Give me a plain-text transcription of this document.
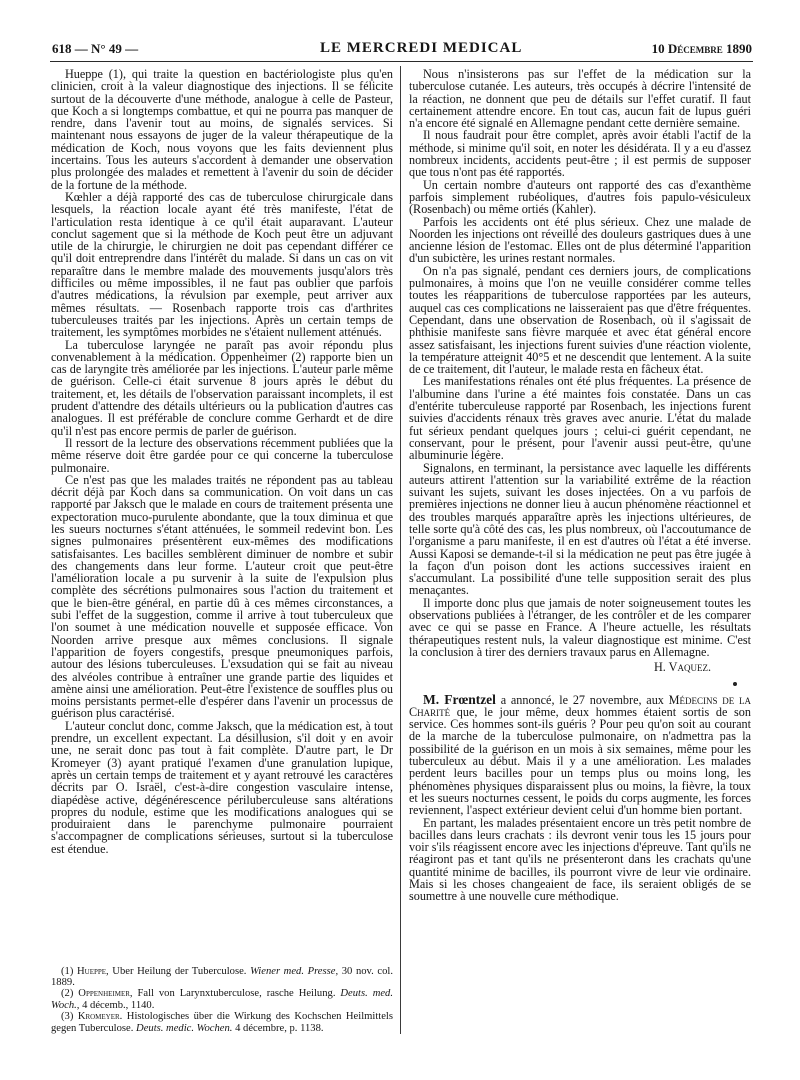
618 — N° 49 —	LE MERCREDI MEDICAL	10 Décembre 1890

Hueppe (1), qui traite la question en bactériologiste plus qu'en clinicien, croit à la valeur diagnostique des injections. Il se félicite surtout de la découverte d'une méthode, analogue à celle de Pasteur, que Koch a si longtemps combattue, et qui ne pourra pas manquer de rendre, dans l'avenir tout au moins, de signalés services. Si maintenant nous essayons de juger de la valeur thérapeutique de la médication de Koch, nous voyons que les faits deviennent plus incertains. Tous les auteurs s'accordent à demander une observation plus prolongée des malades et remettent à l'avenir du soin de décider de la fortune de la méthode.

Kœhler a déjà rapporté des cas de tuberculose chirurgicale dans lesquels, la réaction locale ayant été très manifeste, l'état de l'articulation resta identique à ce qu'il était auparavant. L'auteur conclut sagement que si la méthode de Koch peut être un adjuvant utile de la chirurgie, le chirurgien ne doit pas cependant différer ce qu'il doit entreprendre dans l'intérêt du malade. Si dans un cas on vit reparaître dans le membre malade des mouvements jusqu'alors très difficiles ou même impossibles, il ne faut pas oublier que parfois d'autres médications, la révulsion par exemple, peut arriver aux mêmes résultats. — Rosenbach rapporte trois cas d'arthrites tuberculeuses traités par les injections. Après un certain temps de traitement, les symptômes morbides ne s'étaient nullement atténués.

La tuberculose laryngée ne paraît pas avoir répondu plus convenablement à la médication. Oppenheimer (2) rapporte bien un cas de laryngite très améliorée par les injections. L'auteur parle même de guérison. Celle-ci était survenue 8 jours après le début du traitement, et, les détails de l'observation paraissant incomplets, il est prudent d'attendre des détails ultérieurs ou la publication d'autres cas analogues. Il est préférable de conclure comme Gerhardt et de dire qu'il n'est pas encore permis de parler de guérison.

Il ressort de la lecture des observations récemment publiées que la même réserve doit être gardée pour ce qui concerne la tuberculose pulmonaire.

Ce n'est pas que les malades traités ne répondent pas au tableau décrit déjà par Koch dans sa communication. On voit dans un cas rapporté par Jaksch que le malade en cours de traitement présenta une expectoration muco-purulente abondante, que la toux diminua et que les sueurs nocturnes s'étant atténuées, le sommeil redevint bon. Les signes pulmonaires présentèrent eux-mêmes des modifications satisfaisantes. Les bacilles semblèrent diminuer de nombre et subir des changements dans leur forme. L'auteur croit que peut-être l'amélioration locale a pu survenir à la suite de l'expulsion plus complète des sécrétions pulmonaires sous l'action du traitement et que le bien-être général, en partie dû à ces mêmes circonstances, a subi l'effet de la suggestion, comme il arrive à tout tuberculeux que l'on soumet à une médication nouvelle et supposée efficace. Von Noorden arrive presque aux mêmes conclusions. Il signale l'apparition de foyers congestifs, presque pneumoniques parfois, autour des lésions tuberculeuses. L'exsudation qui se fait au niveau des alvéoles contribue à entraîner une grande partie des liquides et amène ainsi une amélioration. Peut-être l'existence de souffles plus ou moins persistants permet-elle d'espérer dans l'avenir un processus de guérison plus caractérisé.

L'auteur conclut donc, comme Jaksch, que la médication est, à tout prendre, un excellent expectant. La désillusion, s'il doit y en avoir une, ne serait donc pas tout à fait complète. D'autre part, le Dr Kromeyer (3) ayant pratiqué l'examen d'une granulation lupique, après un certain temps de traitement et y ayant retrouvé les caractères décrits par O. Israël, c'est-à-dire congestion vasculaire intense, diapédèse active, dégénérescence périluberculeuse sans altérations propres du nodule, estime que les modifications analogues qui se produiraient dans le parenchyme pulmonaire pourraient s'accompagner de complications sérieuses, surtout si la tuberculose est étendue.

(1) Hueppe, Uber Heilung der Tuberculose. Wiener med. Presse, 30 nov. col. 1889.

(2) Oppenheimer, Fall von Larynxtuberculose, rasche Heilung. Deuts. med. Woch., 4 décemb., 1140.

(3) Kromeyer. Histologisches über die Wirkung des Kochschen Heilmittels gegen Tuberculose. Deuts. medic. Wochen. 4 décembre, p. 1138.

Nous n'insisterons pas sur l'effet de la médication sur la tuberculose cutanée. Les auteurs, très occupés à décrire l'intensité de la réaction, ne donnent que peu de détails sur l'effet curatif. Il faut certainement attendre encore. En tout cas, aucun fait de lupus guéri n'a encore été signalé en Allemagne pendant cette dernière semaine.

Il nous faudrait pour être complet, après avoir établi l'actif de la méthode, si minime qu'il soit, en noter les désidérata. Il y a eu d'assez nombreux incidents, accidents peut-être ; il est permis de supposer que tous n'ont pas été rapportés.

Un certain nombre d'auteurs ont rapporté des cas d'exanthème parfois simplement rubéoliques, d'autres fois papulo-vésiculeux (Rosenbach) ou même ortiés (Kahler).

Parfois les accidents ont été plus sérieux. Chez une malade de Noorden les injections ont réveillé des douleurs gastriques dues à une ancienne lésion de l'estomac. Elles ont de plus déterminé l'apparition d'un subictère, les urines restant normales.

On n'a pas signalé, pendant ces derniers jours, de complications pulmonaires, à moins que l'on ne veuille considérer comme telles toutes les réapparitions de tuberculose rapportées par les auteurs, auquel cas ces complications ne laisseraient pas que d'être fréquentes. Cependant, dans une observation de Rosenbach, où il s'agissait de phthisie manifeste sans fièvre marquée et avec état général encore assez satisfaisant, les injections furent suivies d'une réaction violente, la température atteignit 40°5 et ne descendit que lentement. A la suite de ce traitement, dit l'auteur, le malade resta en fâcheux état.

Les manifestations rénales ont été plus fréquentes. La présence de l'albumine dans l'urine a été maintes fois constatée. Dans un cas d'entérite tuberculeuse rapporté par Rosenbach, les injections furent suivies d'accidents rénaux très graves avec anurie. L'état du malade fut sérieux pendant quelques jours ; celui-ci guérit cependant, ne conservant, pour le présent, pour l'avenir aussi peut-être, qu'une albuminurie légère.

Signalons, en terminant, la persistance avec laquelle les différents auteurs attirent l'attention sur la variabilité extrême de la réaction suivant les sujets, suivant les doses injectées. On a vu parfois de premières injections ne donner lieu à aucun phénomène réactionnel et des troubles marqués apparaître après les injections ultérieures, de telle sorte qu'à côté des cas, les plus nombreux, où l'accoutumance de l'organisme a paru manifeste, il en est d'autres où l'état a été inverse. Aussi Kaposi se demande-t-il si la médication ne peut pas être jugée à la façon d'un poison dont les actions successives iraient en s'accumulant. La possibilité d'une telle supposition serait des plus menaçantes.

Il importe donc plus que jamais de noter soigneusement toutes les observations publiées à l'étranger, de les contrôler et de les comparer avec ce qui se passe en France. A l'heure actuelle, les résultats thérapeutiques restent nuls, la valeur diagnostique est minime. C'est la conclusion à tirer des derniers travaux parus en Allemagne.

H. Vaquez.

M. Frœntzel a annoncé, le 27 novembre, aux Médecins de la Charité que, le jour même, deux hommes étaient sortis de son service. Ces hommes sont-ils guéris ? Pour peu qu'on soit au courant de la marche de la tuberculose pulmonaire, on n'admettra pas la possibilité de la guérison en un mois à six semaines, même pour les tuberculeux au début. Mais il y a une amélioration. Les malades perdent leurs bacilles pour un temps plus ou moins long, les phénomènes physiques disparaissent plus ou moins, la fièvre, la toux et les sueurs nocturnes cessent, le poids du corps augmente, les forces reviennent, l'aspect extérieur devient celui d'un homme bien portant.

En partant, les malades présentaient encore un très petit nombre de bacilles dans leurs crachats : ils devront venir tous les 15 jours pour voir s'ils réagissent encore avec les injections d'épreuve. Tant qu'ils ne réagiront pas et tant qu'ils ne présenteront dans les crachats qu'une quantité minime de bacilles, ils pourront vivre de leur vie ordinaire. Mais si les choses changeaient de face, ils seraient obligés de se soumettre à une nouvelle cure méthodique.
